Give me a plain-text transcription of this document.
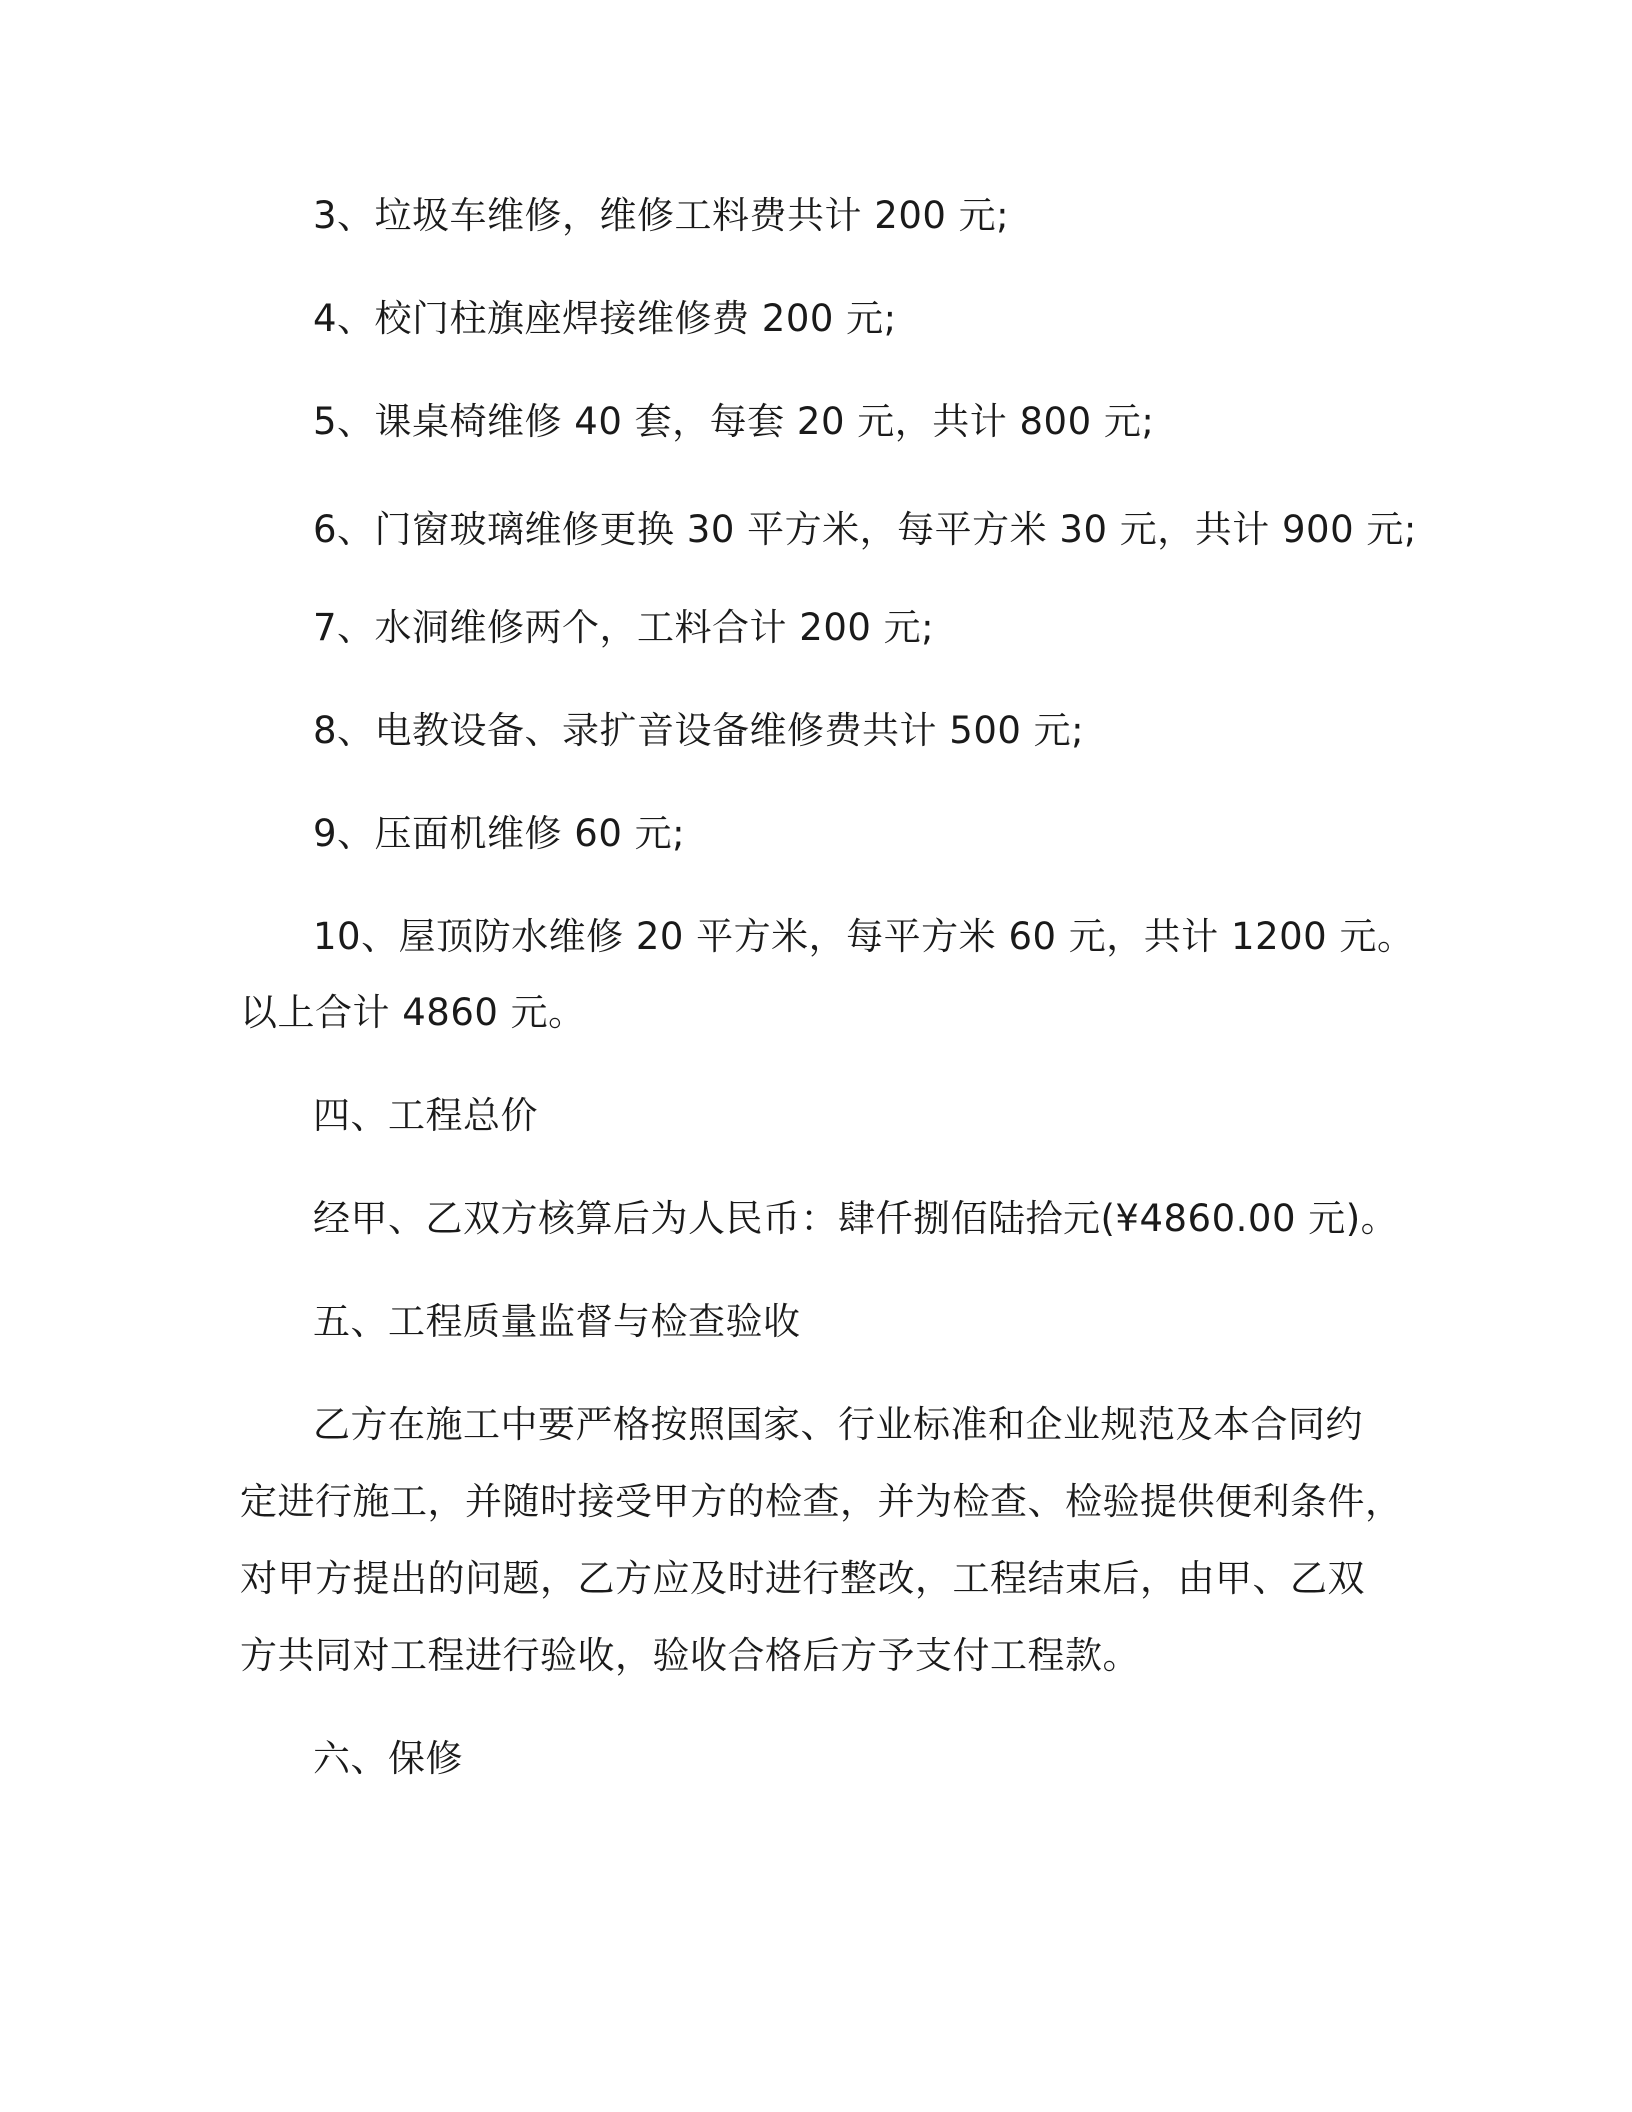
3、垃圾车维修，维修工料费共计 200 元;
4、校门柱旗座焊接维修费 200 元;
5、课桌椅维修 40 套，每套 20 元，共计 800 元;
6、门窗玻璃维修更换 30 平方米，每平方米 30 元，共计 900 元;
7、水洞维修两个，工料合计 200 元;
8、电教设备、录扩音设备维修费共计 500 元;
9、压面机维修 60 元;
10、屋顶防水维修 20 平方米，每平方米 60 元，共计 1200 元。
以上合计 4860 元。
四、工程总价
经甲、乙双方核算后为人民币：肆仟捌佰陆拾元(¥4860.00 元)。
五、工程质量监督与检查验收
乙方在施工中要严格按照国家、行业标准和企业规范及本合同约
定进行施工，并随时接受甲方的检查，并为检查、检验提供便利条件，
对甲方提出的问题，乙方应及时进行整改，工程结束后，由甲、乙双
方共同对工程进行验收，验收合格后方予支付工程款。
六、保修
